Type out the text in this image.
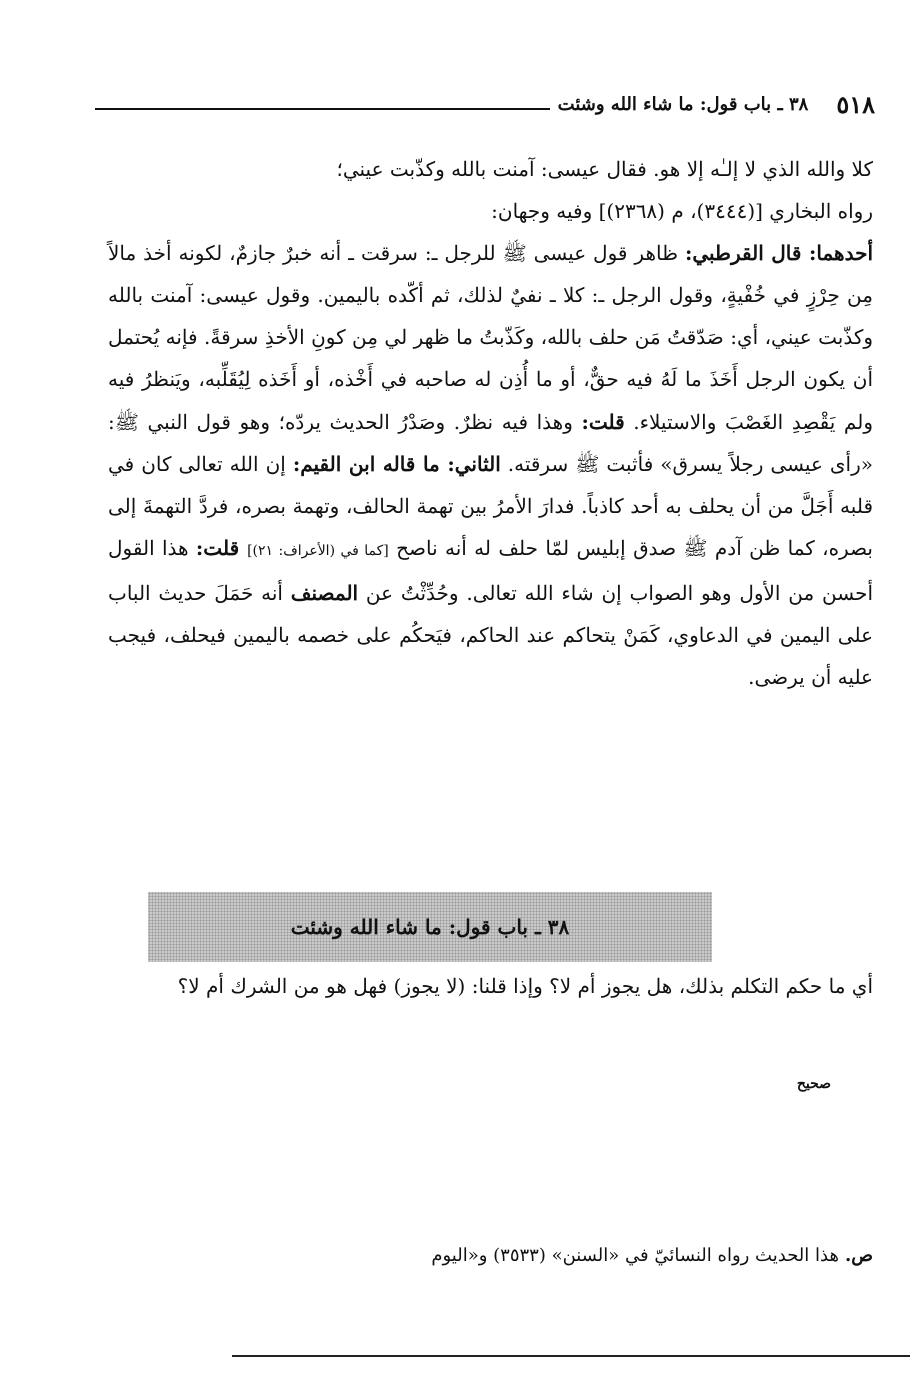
٥١٨
٣٨ ـ باب قول: ما شاء الله وشئت

كلا والله الذي لا إلـٰه إلا هو. فقال عيسى: آمنت بالله وكذّبت عيني؛

رواه البخاري [(٣٤٤٤)، م (٢٣٦٨)] وفيه وجهان:

أحدهما: قال القرطبي: ظاهر قول عيسى ﷺ للرجل ـ: سرقت ـ أنه خبرٌ جازمٌ، لكونه أخذ مالاً مِن حِرْزٍ في خُفْيةٍ، وقول الرجل ـ: كلا ـ نفيٌ لذلك، ثم أكّده باليمين. وقول عيسى: آمنت بالله وكذّبت عيني، أي: صَدّقتُ مَن حلف بالله، وكَذّبتُ ما ظهر لي مِن كونِ الأخذِ سرقةً. فإنه يُحتمل أن يكون الرجل أَخَذَ ما لَهُ فيه حقٌّ، أو ما أُذِن له صاحبه في أَخْذه، أو أَخَذه لِيُقَلِّبه، ويَنظرُ فيه ولم يَقْصِدِ الغَصْبَ والاستيلاء. قلت: وهذا فيه نظرٌ. وصَدْرُ الحديث يردّه؛ وهو قول النبي ﷺ: «رأى عيسى رجلاً يسرق» فأثبت ﷺ سرقته. الثاني: ما قاله ابن القيم: إن الله تعالى كان في قلبه أَجَلَّ من أن يحلف به أحد كاذباً. فدارَ الأمرُ بين تهمة الحالف، وتهمة بصره، فردَّ التهمةَ إلى بصره، كما ظن آدم ﷺ صدق إبليس لمّا حلف له أنه ناصح [كما في (الأعراف: ٢١)] قلت: هذا القول أحسن من الأول وهو الصواب إن شاء الله تعالى. وحُدِّثْتُ عن المصنف أنه حَمَلَ حديث الباب على اليمين في الدعاوي، كَمَنْ يتحاكم عند الحاكم، فيَحكُم على خصمه باليمين فيحلف، فيجب عليه أن يرضى.

٣٨ ـ باب قول: ما شاء الله وشئت

أي ما حكم التكلم بذلك، هل يجوز أم لا؟ وإذا قلنا: (لا يجوز) فهل هو من الشرك أم لا؟

صحيح
ص.هذا الحديث رواه النسائيّ في «السنن» (٣٥٣٣) و«اليوم
